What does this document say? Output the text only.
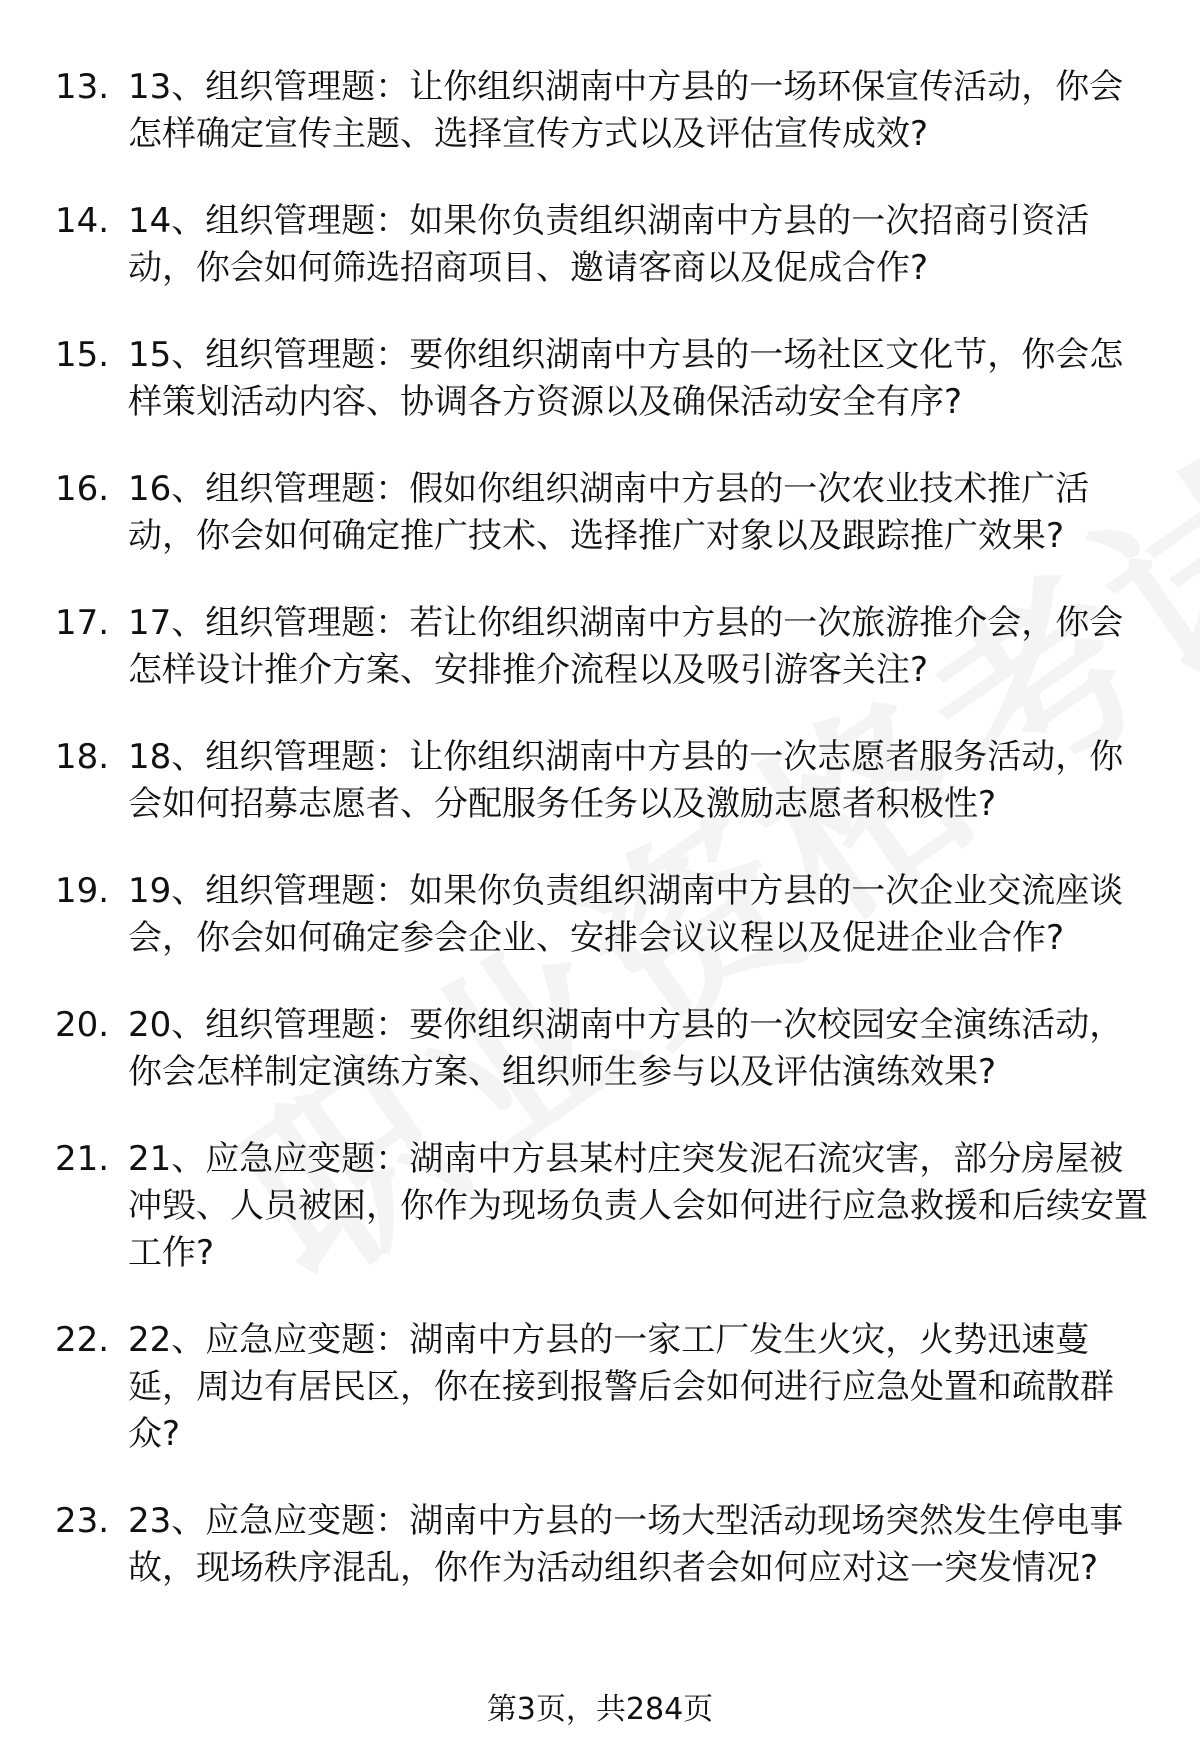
13. 13、组织管理题：让你组织湖南中方县的一场环保宣传活动，你会怎样确定宣传主题、选择宣传方式以及评估宣传成效?
14. 14、组织管理题：如果你负责组织湖南中方县的一次招商引资活动，你会如何筛选招商项目、邀请客商以及促成合作?
15. 15、组织管理题：要你组织湖南中方县的一场社区文化节，你会怎样策划活动内容、协调各方资源以及确保活动安全有序?
16. 16、组织管理题：假如你组织湖南中方县的一次农业技术推广活动，你会如何确定推广技术、选择推广对象以及跟踪推广效果?
17. 17、组织管理题：若让你组织湖南中方县的一次旅游推介会，你会怎样设计推介方案、安排推介流程以及吸引游客关注?
18. 18、组织管理题：让你组织湖南中方县的一次志愿者服务活动，你会如何招募志愿者、分配服务任务以及激励志愿者积极性?
19. 19、组织管理题：如果你负责组织湖南中方县的一次企业交流座谈会，你会如何确定参会企业、安排会议议程以及促进企业合作?
20. 20、组织管理题：要你组织湖南中方县的一次校园安全演练活动，你会怎样制定演练方案、组织师生参与以及评估演练效果?
21. 21、应急应变题：湖南中方县某村庄突发泥石流灾害，部分房屋被冲毁、人员被困，你作为现场负责人会如何进行应急救援和后续安置工作?
22. 22、应急应变题：湖南中方县的一家工厂发生火灾，火势迅速蔓延，周边有居民区，你在接到报警后会如何进行应急处置和疏散群众?
23. 23、应急应变题：湖南中方县的一场大型活动现场突然发生停电事故，现场秩序混乱，你作为活动组织者会如何应对这一突发情况?
第3页，共284页
